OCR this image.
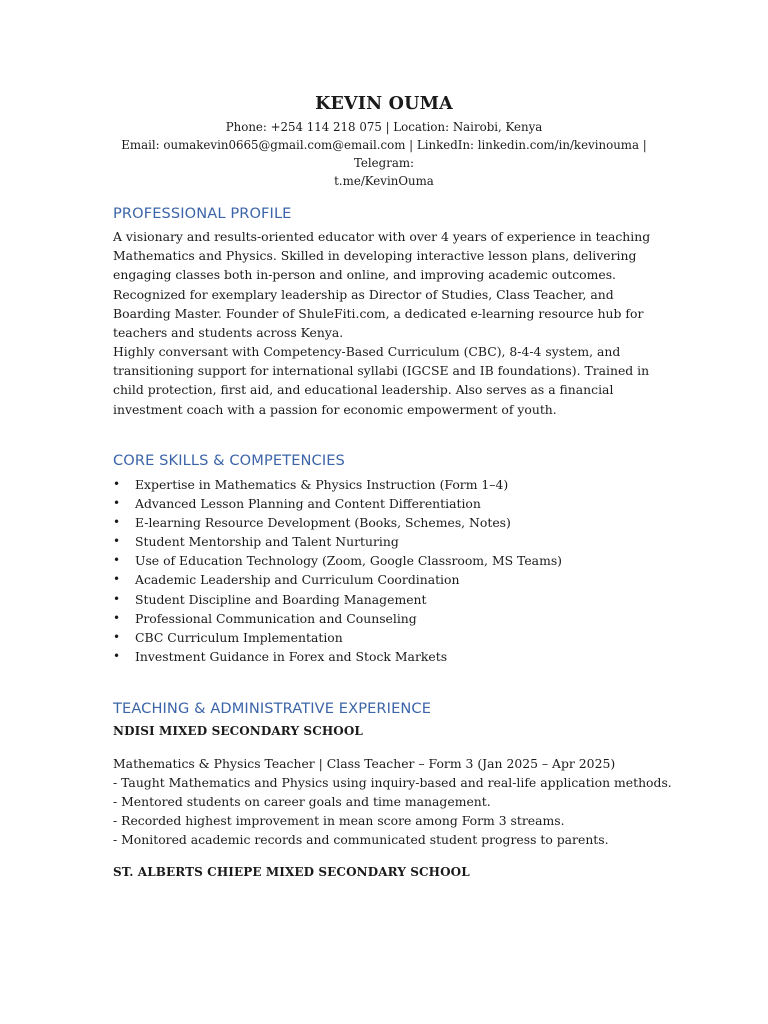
KEVIN OUMA
Phone: +254 114 218 075 | Location: Nairobi, Kenya
Email: oumakevin0665@gmail.com@email.com | LinkedIn: linkedin.com/in/kevinouma | Telegram:
t.me/KevinOuma
PROFESSIONAL PROFILE
A visionary and results-oriented educator with over 4 years of experience in teaching Mathematics and Physics. Skilled in developing interactive lesson plans, delivering engaging classes both in-person and online, and improving academic outcomes. Recognized for exemplary leadership as Director of Studies, Class Teacher, and Boarding Master. Founder of ShuleFiti.com, a dedicated e-learning resource hub for teachers and students across Kenya.
Highly conversant with Competency-Based Curriculum (CBC), 8-4-4 system, and transitioning support for international syllabi (IGCSE and IB foundations). Trained in child protection, first aid, and educational leadership. Also serves as a financial investment coach with a passion for economic empowerment of youth.
CORE SKILLS & COMPETENCIES
• Expertise in Mathematics & Physics Instruction (Form 1–4)
• Advanced Lesson Planning and Content Differentiation
• E-learning Resource Development (Books, Schemes, Notes)
• Student Mentorship and Talent Nurturing
• Use of Education Technology (Zoom, Google Classroom, MS Teams)
• Academic Leadership and Curriculum Coordination
• Student Discipline and Boarding Management
• Professional Communication and Counseling
• CBC Curriculum Implementation
• Investment Guidance in Forex and Stock Markets
TEACHING & ADMINISTRATIVE EXPERIENCE
NDISI MIXED SECONDARY SCHOOL
Mathematics & Physics Teacher | Class Teacher – Form 3 (Jan 2025 – Apr 2025)
- Taught Mathematics and Physics using inquiry-based and real-life application methods.
- Mentored students on career goals and time management.
- Recorded highest improvement in mean score among Form 3 streams.
- Monitored academic records and communicated student progress to parents.
ST. ALBERTS CHIEPE MIXED SECONDARY SCHOOL
